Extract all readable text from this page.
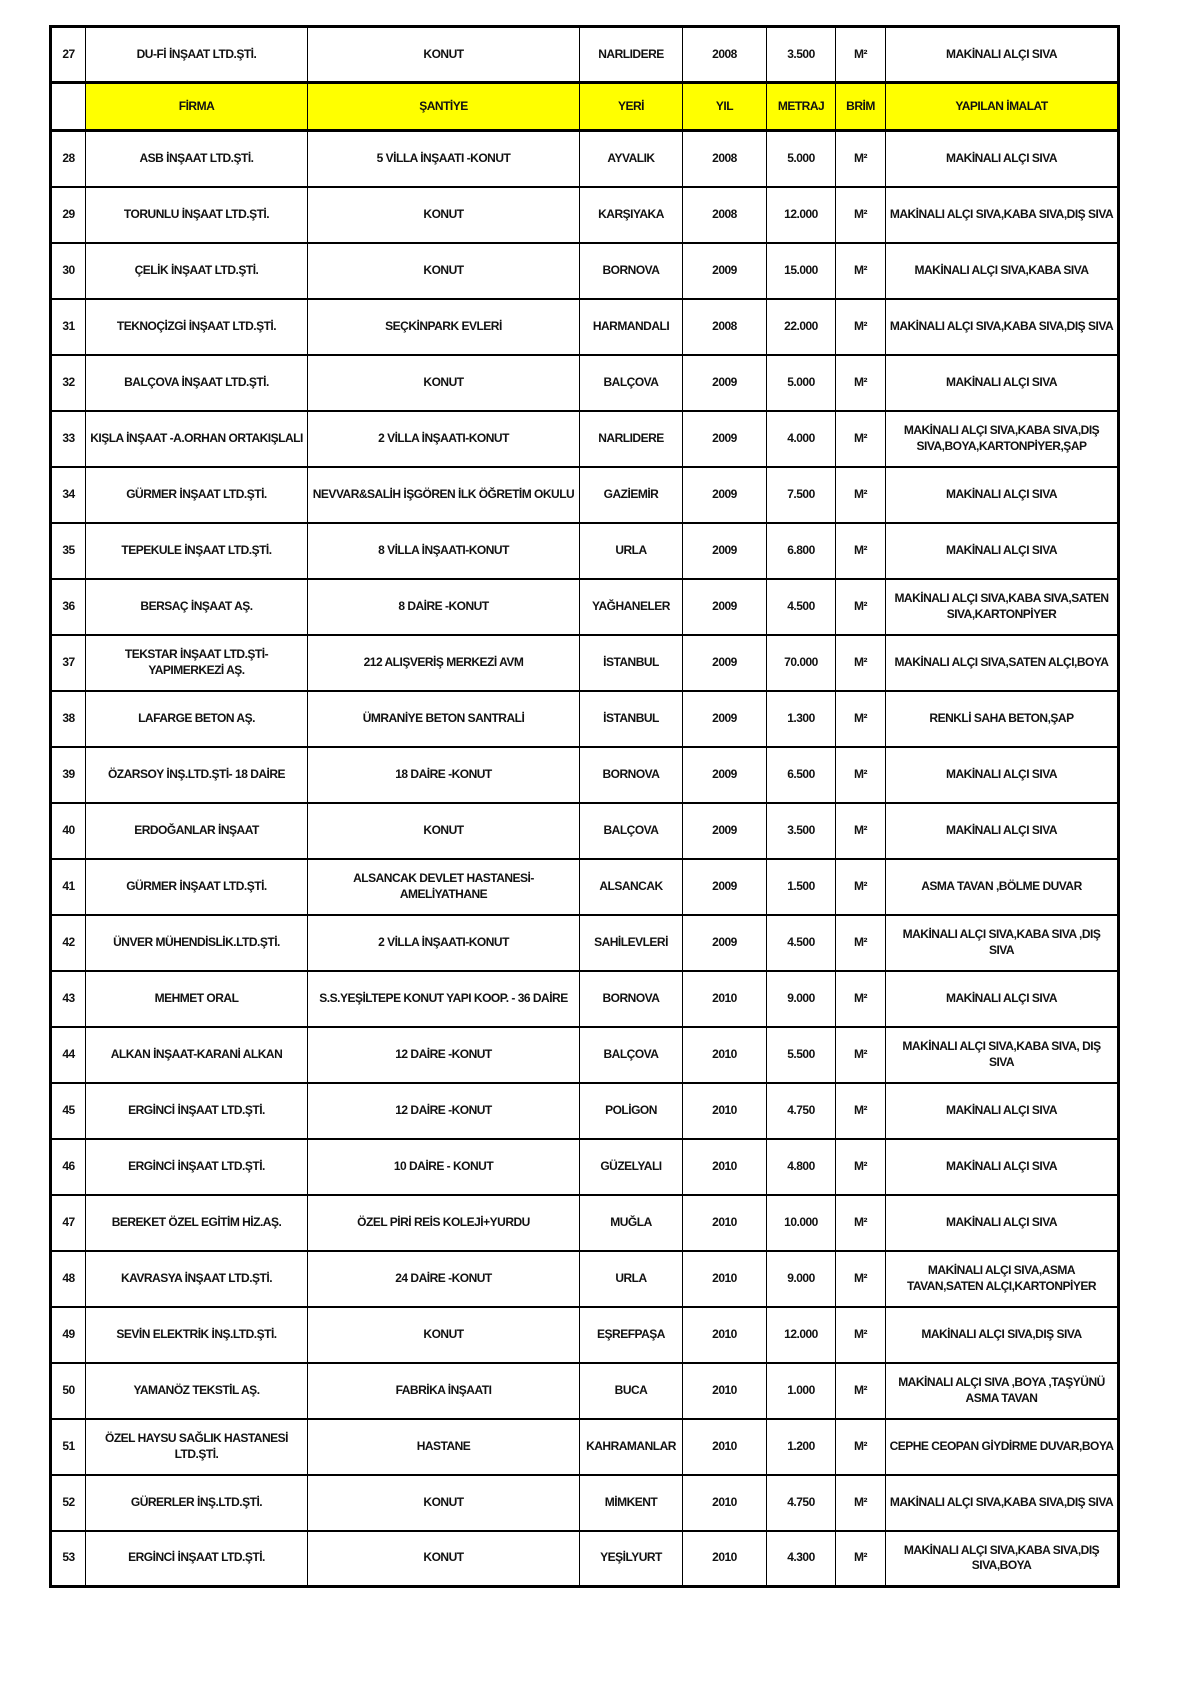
27	DU-Fİ İNŞAAT LTD.ŞTİ.	KONUT	NARLIDERE	2008	3.500	M²	MAKİNALI ALÇI SIVA
	FİRMA	ŞANTİYE	YERİ	YIL	METRAJ	BRİM	YAPILAN İMALAT
28	ASB İNŞAAT LTD.ŞTİ.	5 VİLLA İNŞAATI -KONUT	AYVALIK	2008	5.000	M²	MAKİNALI ALÇI SIVA
29	TORUNLU İNŞAAT LTD.ŞTİ.	KONUT	KARŞIYAKA	2008	12.000	M²	MAKİNALI ALÇI SIVA,KABA SIVA,DIŞ SIVA
30	ÇELİK İNŞAAT LTD.ŞTİ.	KONUT	BORNOVA	2009	15.000	M²	MAKİNALI ALÇI SIVA,KABA SIVA
31	TEKNOÇİZGİ İNŞAAT LTD.ŞTİ.	SEÇKİNPARK EVLERİ	HARMANDALI	2008	22.000	M²	MAKİNALI ALÇI SIVA,KABA SIVA,DIŞ SIVA
32	BALÇOVA İNŞAAT LTD.ŞTİ.	KONUT	BALÇOVA	2009	5.000	M²	MAKİNALI ALÇI SIVA
33	KIŞLA İNŞAAT -A.ORHAN ORTAKIŞLALI	2 VİLLA İNŞAATI-KONUT	NARLIDERE	2009	4.000	M²	MAKİNALI ALÇI SIVA,KABA SIVA,DIŞ SIVA,BOYA,KARTONPİYER,ŞAP
34	GÜRMER İNŞAAT LTD.ŞTİ.	NEVVAR&SALİH İŞGÖREN İLK ÖĞRETİM OKULU	GAZİEMİR	2009	7.500	M²	MAKİNALI ALÇI SIVA
35	TEPEKULE İNŞAAT LTD.ŞTİ.	8 VİLLA İNŞAATI-KONUT	URLA	2009	6.800	M²	MAKİNALI ALÇI SIVA
36	BERSAÇ İNŞAAT AŞ.	8 DAİRE -KONUT	YAĞHANELER	2009	4.500	M²	MAKİNALI ALÇI SIVA,KABA SIVA,SATEN SIVA,KARTONPİYER
37	TEKSTAR İNŞAAT LTD.ŞTİ- YAPIMERKEZİ AŞ.	212 ALIŞVERİŞ MERKEZİ AVM	İSTANBUL	2009	70.000	M²	MAKİNALI ALÇI SIVA,SATEN ALÇI,BOYA
38	LAFARGE BETON AŞ.	ÜMRANİYE BETON SANTRALİ	İSTANBUL	2009	1.300	M²	RENKLİ SAHA BETON,ŞAP
39	ÖZARSOY İNŞ.LTD.ŞTİ- 18 DAİRE	18 DAİRE -KONUT	BORNOVA	2009	6.500	M²	MAKİNALI ALÇI SIVA
40	ERDOĞANLAR İNŞAAT	KONUT	BALÇOVA	2009	3.500	M²	MAKİNALI ALÇI SIVA
41	GÜRMER İNŞAAT LTD.ŞTİ.	ALSANCAK DEVLET HASTANESİ-AMELİYATHANE	ALSANCAK	2009	1.500	M²	ASMA TAVAN ,BÖLME DUVAR
42	ÜNVER MÜHENDİSLİK.LTD.ŞTİ.	2 VİLLA İNŞAATI-KONUT	SAHİLEVLERİ	2009	4.500	M²	MAKİNALI ALÇI SIVA,KABA SIVA ,DIŞ SIVA
43	MEHMET ORAL	S.S.YEŞİLTEPE KONUT YAPI KOOP. - 36 DAİRE	BORNOVA	2010	9.000	M²	MAKİNALI ALÇI SIVA
44	ALKAN İNŞAAT-KARANİ ALKAN	12 DAİRE -KONUT	BALÇOVA	2010	5.500	M²	MAKİNALI ALÇI SIVA,KABA SIVA, DIŞ SIVA
45	ERGİNCİ İNŞAAT LTD.ŞTİ.	12 DAİRE -KONUT	POLİGON	2010	4.750	M²	MAKİNALI ALÇI SIVA
46	ERGİNCİ İNŞAAT LTD.ŞTİ.	10 DAİRE - KONUT	GÜZELYALI	2010	4.800	M²	MAKİNALI ALÇI SIVA
47	BEREKET ÖZEL EGİTİM HİZ.AŞ.	ÖZEL PİRİ REİS KOLEJİ+YURDU	MUĞLA	2010	10.000	M²	MAKİNALI ALÇI SIVA
48	KAVRASYA İNŞAAT LTD.ŞTİ.	24 DAİRE -KONUT	URLA	2010	9.000	M²	MAKİNALI ALÇI SIVA,ASMA TAVAN,SATEN ALÇI,KARTONPİYER
49	SEVİN ELEKTRİK İNŞ.LTD.ŞTİ.	KONUT	EŞREFPAŞA	2010	12.000	M²	MAKİNALI ALÇI SIVA,DIŞ SIVA
50	YAMANÖZ TEKSTİL AŞ.	FABRİKA İNŞAATI	BUCA	2010	1.000	M²	MAKİNALI ALÇI SIVA ,BOYA ,TAŞYÜNÜ ASMA TAVAN
51	ÖZEL HAYSU SAĞLIK HASTANESİ LTD.ŞTİ.	HASTANE	KAHRAMANLAR	2010	1.200	M²	CEPHE CEOPAN GİYDİRME DUVAR,BOYA
52	GÜRERLER İNŞ.LTD.ŞTİ.	KONUT	MİMKENT	2010	4.750	M²	MAKİNALI ALÇI SIVA,KABA SIVA,DIŞ SIVA
53	ERGİNCİ İNŞAAT LTD.ŞTİ.	KONUT	YEŞİLYURT	2010	4.300	M²	MAKİNALI ALÇI SIVA,KABA SIVA,DIŞ SIVA,BOYA
